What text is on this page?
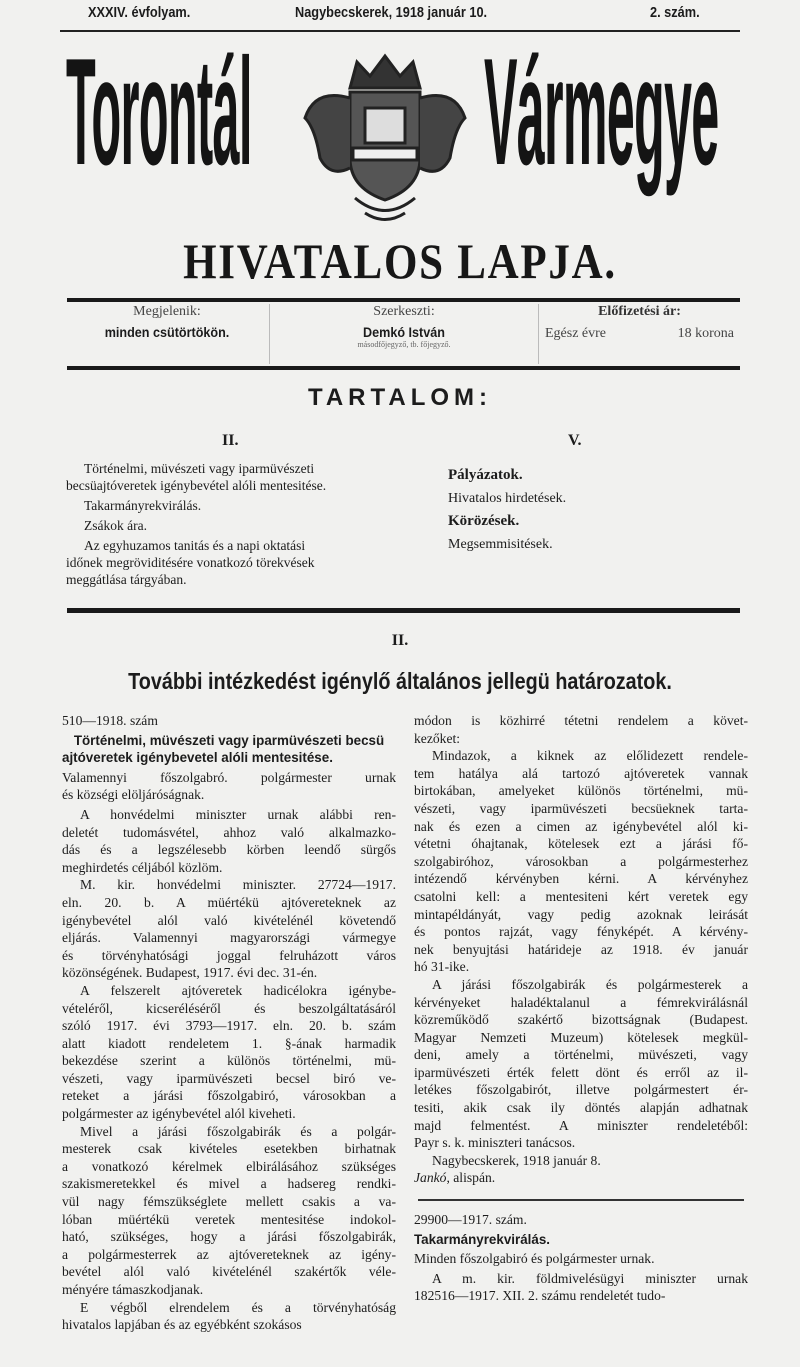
XXXIV. évfolyam.	Nagybecskerek, 1918 január 10.	2. szám.
Torontál Vármegye
HIVATALOS LAPJA.
Megjelenik:
minden csütörtökön.
Szerkeszti:
Demkó István
másodfőjegyző, tb. főjegyző.
Előfizetési ár:
Egész évre	18 korona
TARTALOM:
II.	V.
Történelmi, müvészeti vagy iparmüvészeti
becsüajtóveretek igénybevétel alóli mentesitése.
Takarmányrekvirálás.
Zsákok ára.
Az egyhuzamos tanitás és a napi oktatási
időnek megröviditésére vonatkozó törekvések
meggátlása tárgyában.
Pályázatok.
Hivatalos hirdetések.
Körözések.
Megsemmisitések.
II.
További intézkedést igénylő általános jellegü határozatok.
510—1918. szám
Történelmi, müvészeti vagy iparmüvészeti becsü
ajtóveretek igénybevetel alóli mentesitése.
Valamennyi főszolgabró. polgármester urnak
és községi elöljáróságnak.
A honvédelmi miniszter urnak alábbi ren-
deletét tudomásvétel, ahhoz való alkalmazko-
dás és a legszélesebb körben leendő sürgős
meghirdetés céljából közlöm.
M. kir. honvédelmi miniszter. 27724—1917.
eln. 20. b. A müértékü ajtóvereteknek az
igénybevétel alól való kivételénél követendő
eljárás. Valamennyi magyarországi vármegye
és törvényhatósági joggal felruházott város
közönségének. Budapest, 1917. évi dec. 31-én.
A felszerelt ajtóveretek hadicélokra igénybe-
vételéről, kicseréléséről és beszolgáltatásáról
szóló 1917. évi 3793—1917. eln. 20. b. szám
alatt kiadott rendeletem 1. §-ának harmadik
bekezdése szerint a különös történelmi, mü-
vészeti, vagy iparmüvészeti becsel biró ve-
reteket a járási főszolgabiró, városokban a
polgármester az igénybevétel alól kiveheti.
Mivel a járási főszolgabirák és a polgár-
mesterek csak kivételes esetekben birhatnak
a vonatkozó kérelmek elbirálásához szükséges
szakismeretekkel és mivel a hadsereg rendki-
vül nagy fémszükséglete mellett csakis a va-
lóban müértékü veretek mentesitése indokol-
ható, szükséges, hogy a járási főszolgabirák,
a polgármesterrek az ajtóvereteknek az igény-
bevétel alól való kivételénél szakértők véle-
ményére támaszkodjanak.
E végből elrendelem és a törvényhatóság
hivatalos lapjában és az egyébként szokásos
módon is közhirré tétetni rendelem a követ-
kezőket:
Mindazok, a kiknek az előlidezett rendele-
tem hatálya alá tartozó ajtóveretek vannak
birtokában, amelyeket különös történelmi, mü-
vészeti, vagy iparmüvészeti becsüeknek tarta-
nak és ezen a cimen az igénybevétel alól ki-
vétetni óhajtanak, kötelesek ezt a járási fő-
szolgabiróhoz, városokban a polgármesterhez
intézendő kérvényben kérni. A kérvényhez
csatolni kell: a mentesiteni kért veretek egy
mintapéldányát, vagy pedig azoknak leirását
és pontos rajzát, vagy fényképét. A kérvény-
nek benyujtási határideje az 1918. év január
hó 31-ike.
A járási főszolgabirák és polgármesterek a
kérvényeket haladéktalanul a fémrekvirálásnál
közreműködő szakértő bizottságnak (Budapest.
Magyar Nemzeti Muzeum) kötelesek megkül-
deni, amely a történelmi, müvészeti, vagy
iparmüvészeti érték felett dönt és erről az il-
letékes főszolgabirót, illetve polgármestert ér-
tesiti, akik csak ily döntés alapján adhatnak
majd felmentést. A miniszter rendeletéből:
Payr s. k. miniszteri tanácsos.
Nagybecskerek, 1918 január 8.
Jankó, alispán.
29900—1917. szám.
Takarmányrekvirálás.
Minden főszolgabiró és polgármester urnak.
A m. kir. földmivelésügyi miniszter urnak
182516—1917. XII. 2. számu rendeletét tudo-
